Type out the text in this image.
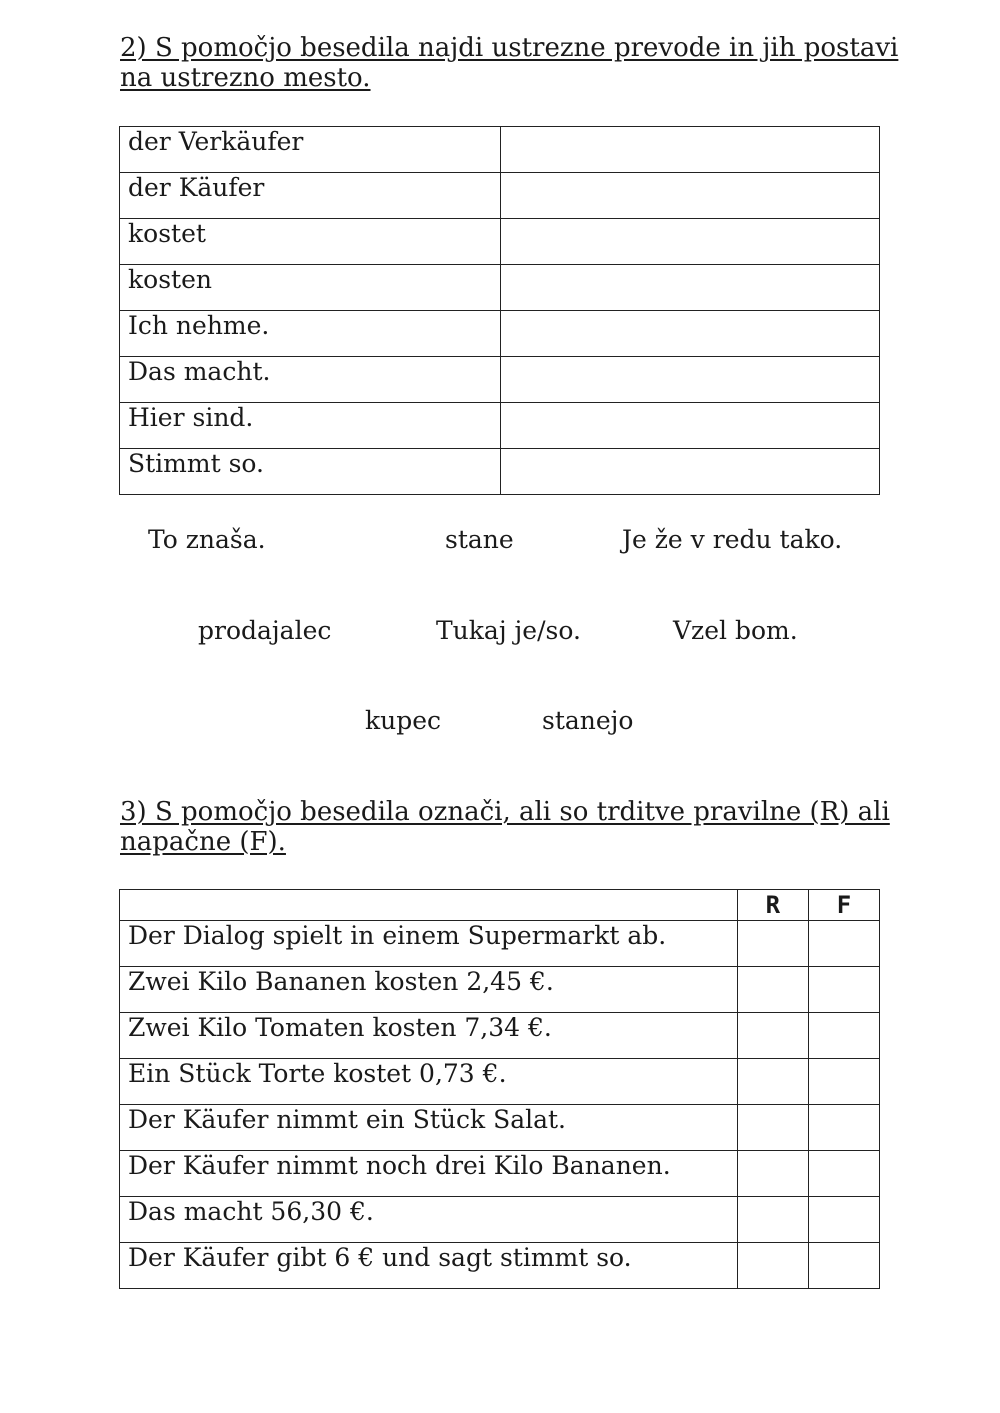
2) S pomočjo besedila najdi ustrezne prevode in jih postavi na ustrezno mesto.
der Verkäufer	
der Käufer	
kostet	
kosten	
Ich nehme.	
Das macht.	
Hier sind.	
Stimmt so.	
To znaša.	stane	Je že v redu tako.
prodajalec	Tukaj je/so.	Vzel bom.
kupec	stanejo
3) S pomočjo besedila označi, ali so trditve pravilne (R) ali napačne (F).
	R	F
Der Dialog spielt in einem Supermarkt ab.		
Zwei Kilo Bananen kosten 2,45 €.		
Zwei Kilo Tomaten kosten 7,34 €.		
Ein Stück Torte kostet 0,73 €.		
Der Käufer nimmt ein Stück Salat.		
Der Käufer nimmt noch drei Kilo Bananen.		
Das macht 56,30 €.		
Der Käufer gibt 6 € und sagt stimmt so.		
